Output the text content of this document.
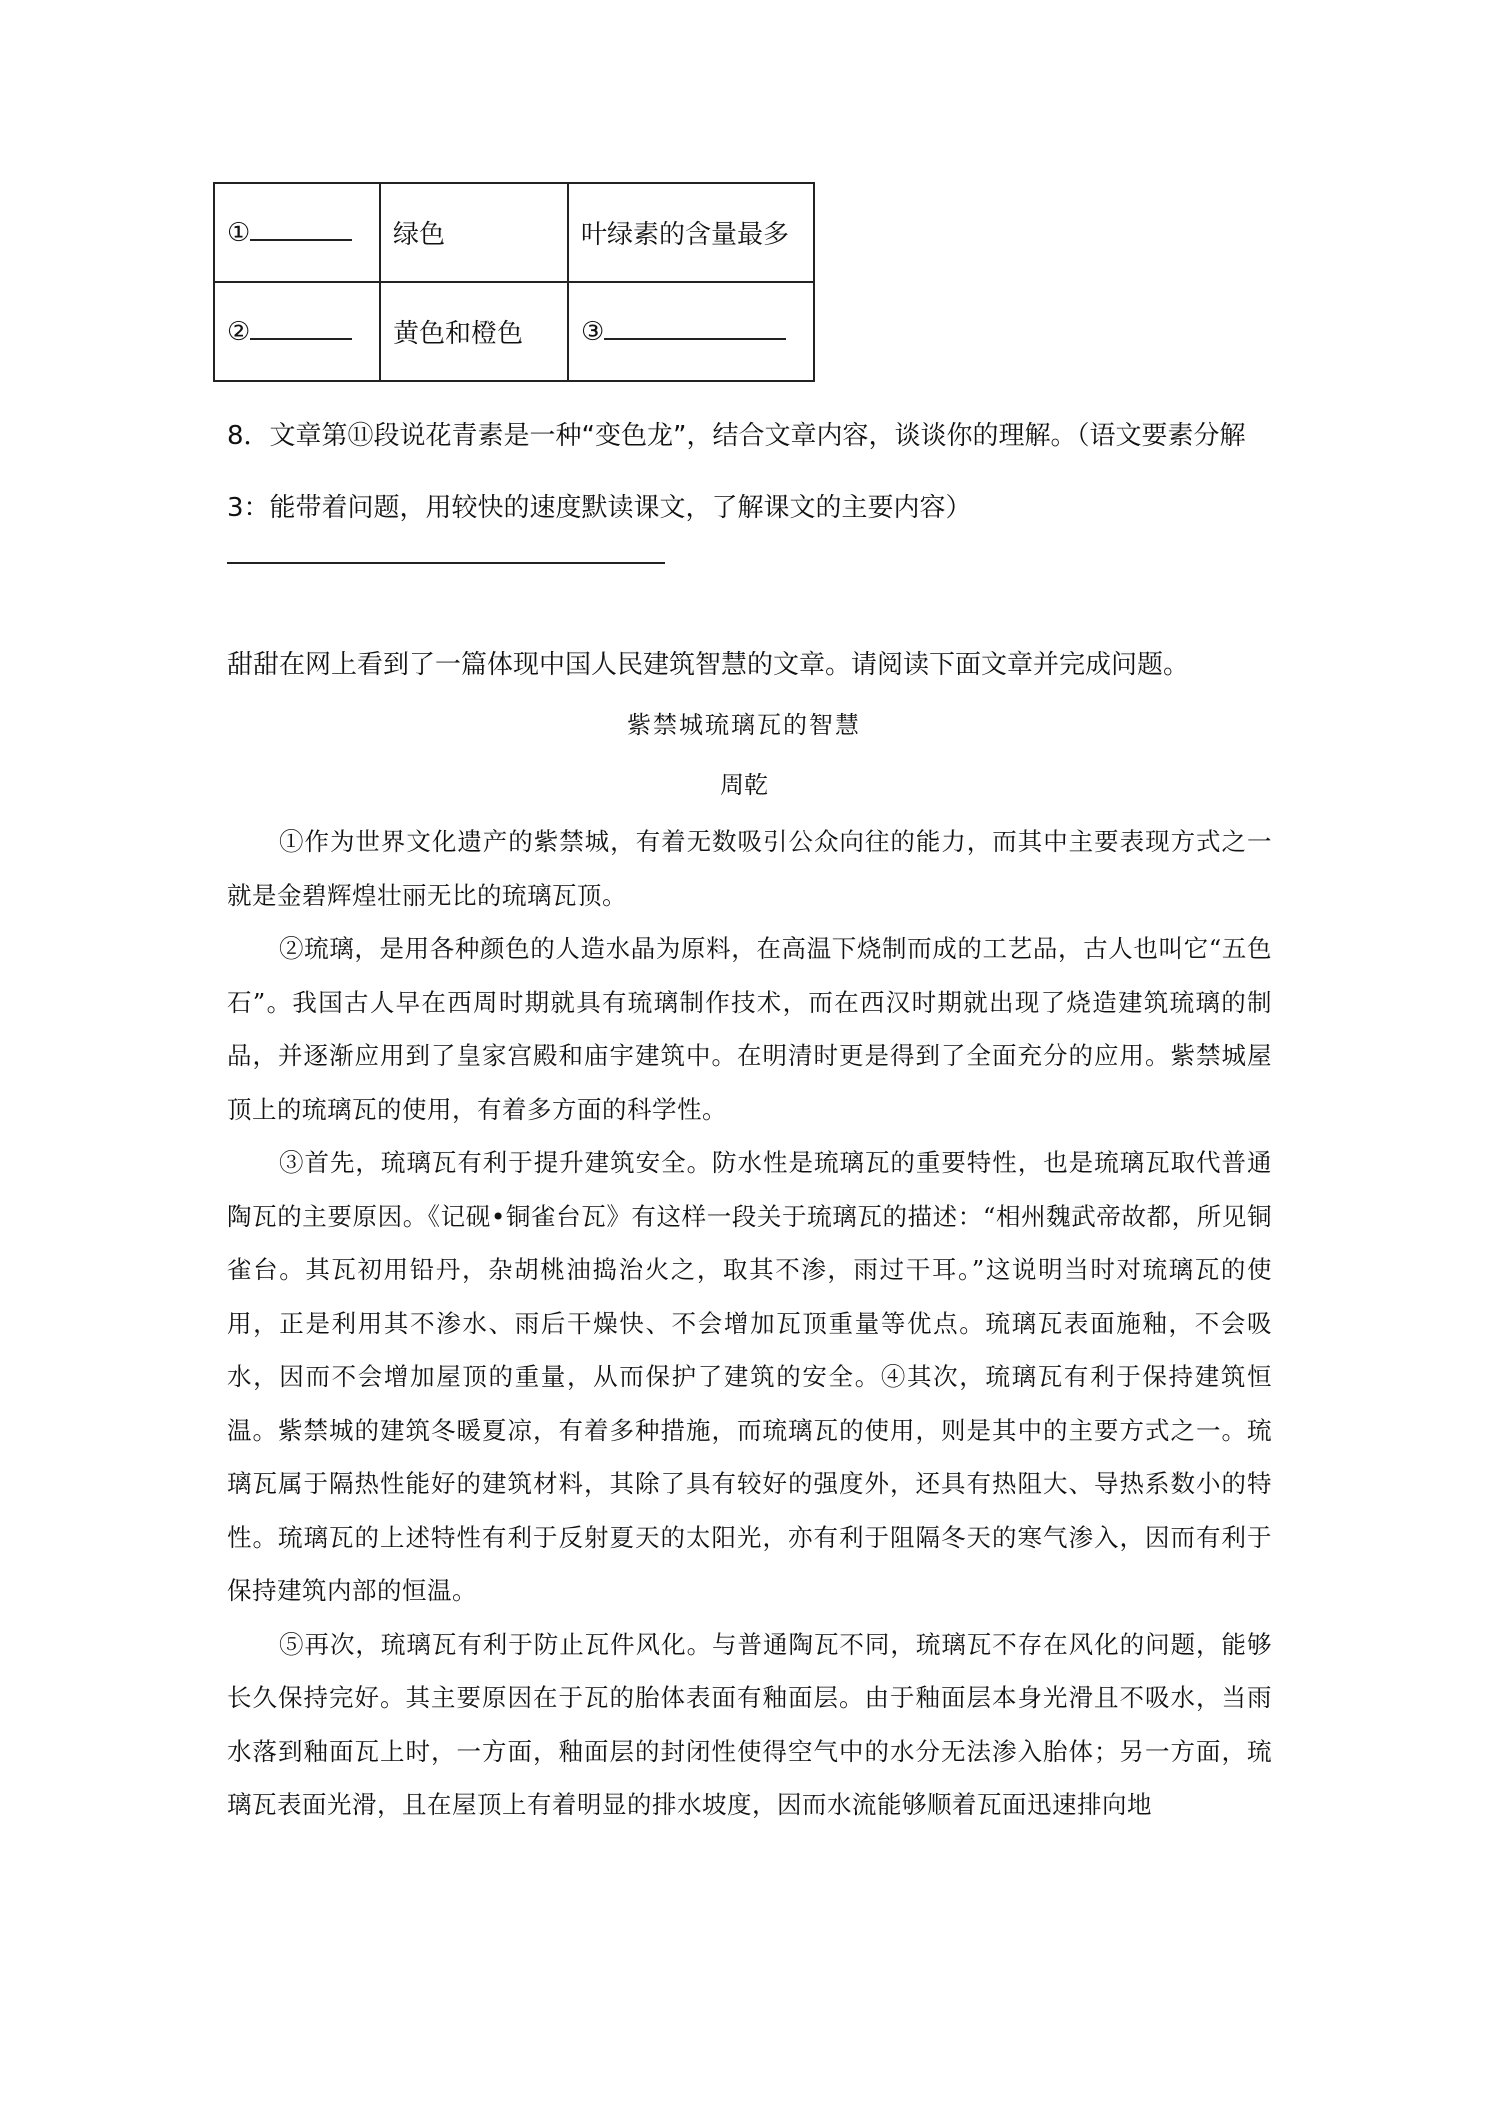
①	绿色	叶绿素的含量最多
②	黄色和橙色	③

8．文章第⑪段说花青素是一种“变色龙”，结合文章内容，谈谈你的理解。（语文要素分解 3：能带着问题，用较快的速度默读课文，了解课文的主要内容）

甜甜在网上看到了一篇体现中国人民建筑智慧的文章。请阅读下面文章并完成问题。

紫禁城琉璃瓦的智慧

周乾

①作为世界文化遗产的紫禁城，有着无数吸引公众向往的能力，而其中主要表现方式之一就是金碧辉煌壮丽无比的琉璃瓦顶。

②琉璃，是用各种颜色的人造水晶为原料，在高温下烧制而成的工艺品，古人也叫它“五色石”。我国古人早在西周时期就具有琉璃制作技术，而在西汉时期就出现了烧造建筑琉璃的制品，并逐渐应用到了皇家宫殿和庙宇建筑中。在明清时更是得到了全面充分的应用。紫禁城屋顶上的琉璃瓦的使用，有着多方面的科学性。

③首先，琉璃瓦有利于提升建筑安全。防水性是琉璃瓦的重要特性，也是琉璃瓦取代普通陶瓦的主要原因。《记砚•铜雀台瓦》有这样一段关于琉璃瓦的描述：“相州魏武帝故都，所见铜雀台。其瓦初用铅丹，杂胡桃油捣治火之，取其不渗，雨过干耳。”这说明当时对琉璃瓦的使用，正是利用其不渗水、雨后干燥快、不会增加瓦顶重量等优点。琉璃瓦表面施釉，不会吸水，因而不会增加屋顶的重量，从而保护了建筑的安全。④其次，琉璃瓦有利于保持建筑恒温。紫禁城的建筑冬暖夏凉，有着多种措施，而琉璃瓦的使用，则是其中的主要方式之一。琉璃瓦属于隔热性能好的建筑材料，其除了具有较好的强度外，还具有热阻大、导热系数小的特性。琉璃瓦的上述特性有利于反射夏天的太阳光，亦有利于阻隔冬天的寒气渗入，因而有利于保持建筑内部的恒温。

⑤再次，琉璃瓦有利于防止瓦件风化。与普通陶瓦不同，琉璃瓦不存在风化的问题，能够长久保持完好。其主要原因在于瓦的胎体表面有釉面层。由于釉面层本身光滑且不吸水，当雨水落到釉面瓦上时，一方面，釉面层的封闭性使得空气中的水分无法渗入胎体；另一方面，琉璃瓦表面光滑，且在屋顶上有着明显的排水坡度，因而水流能够顺着瓦面迅速排向地
